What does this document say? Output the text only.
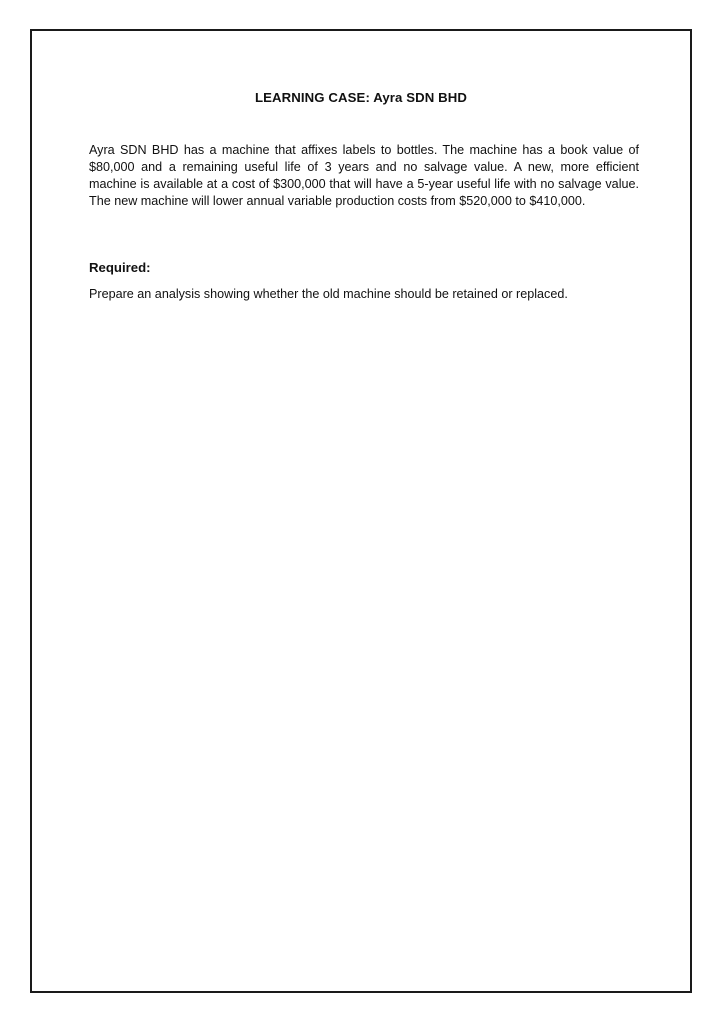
LEARNING CASE: Ayra SDN BHD

Ayra SDN BHD has a machine that affixes labels to bottles. The machine has a book value of $80,000 and a remaining useful life of 3 years and no salvage value. A new, more efficient machine is available at a cost of $300,000 that will have a 5-year useful life with no salvage value. The new machine will lower annual variable production costs from $520,000 to $410,000.

Required:

Prepare an analysis showing whether the old machine should be retained or replaced.
